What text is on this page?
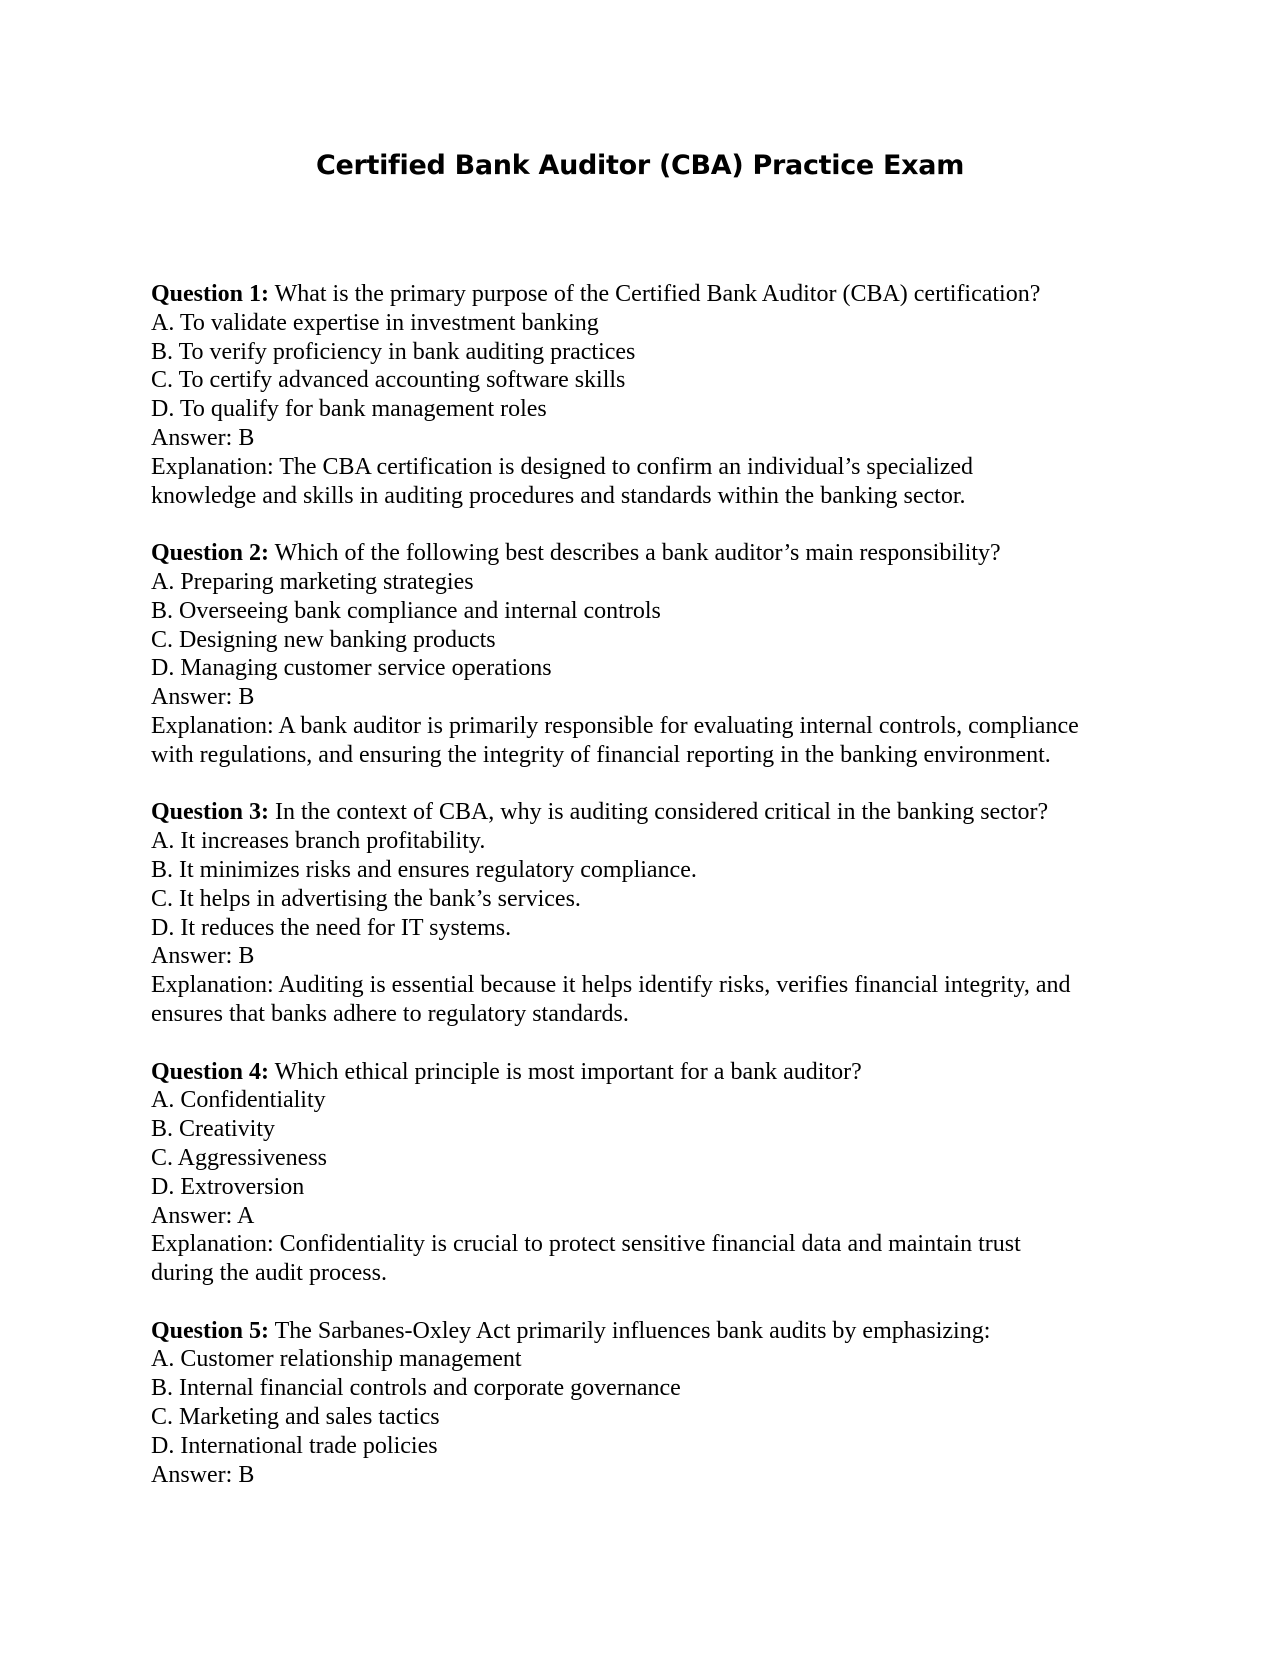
Certified Bank Auditor (CBA) Practice Exam
Question 1: What is the primary purpose of the Certified Bank Auditor (CBA) certification?
A. To validate expertise in investment banking
B. To verify proficiency in bank auditing practices
C. To certify advanced accounting software skills
D. To qualify for bank management roles
Answer: B
Explanation: The CBA certification is designed to confirm an individual’s specialized
knowledge and skills in auditing procedures and standards within the banking sector.
Question 2: Which of the following best describes a bank auditor’s main responsibility?
A. Preparing marketing strategies
B. Overseeing bank compliance and internal controls
C. Designing new banking products
D. Managing customer service operations
Answer: B
Explanation: A bank auditor is primarily responsible for evaluating internal controls, compliance
with regulations, and ensuring the integrity of financial reporting in the banking environment.
Question 3: In the context of CBA, why is auditing considered critical in the banking sector?
A. It increases branch profitability.
B. It minimizes risks and ensures regulatory compliance.
C. It helps in advertising the bank’s services.
D. It reduces the need for IT systems.
Answer: B
Explanation: Auditing is essential because it helps identify risks, verifies financial integrity, and
ensures that banks adhere to regulatory standards.
Question 4: Which ethical principle is most important for a bank auditor?
A. Confidentiality
B. Creativity
C. Aggressiveness
D. Extroversion
Answer: A
Explanation: Confidentiality is crucial to protect sensitive financial data and maintain trust
during the audit process.
Question 5: The Sarbanes-Oxley Act primarily influences bank audits by emphasizing:
A. Customer relationship management
B. Internal financial controls and corporate governance
C. Marketing and sales tactics
D. International trade policies
Answer: B
